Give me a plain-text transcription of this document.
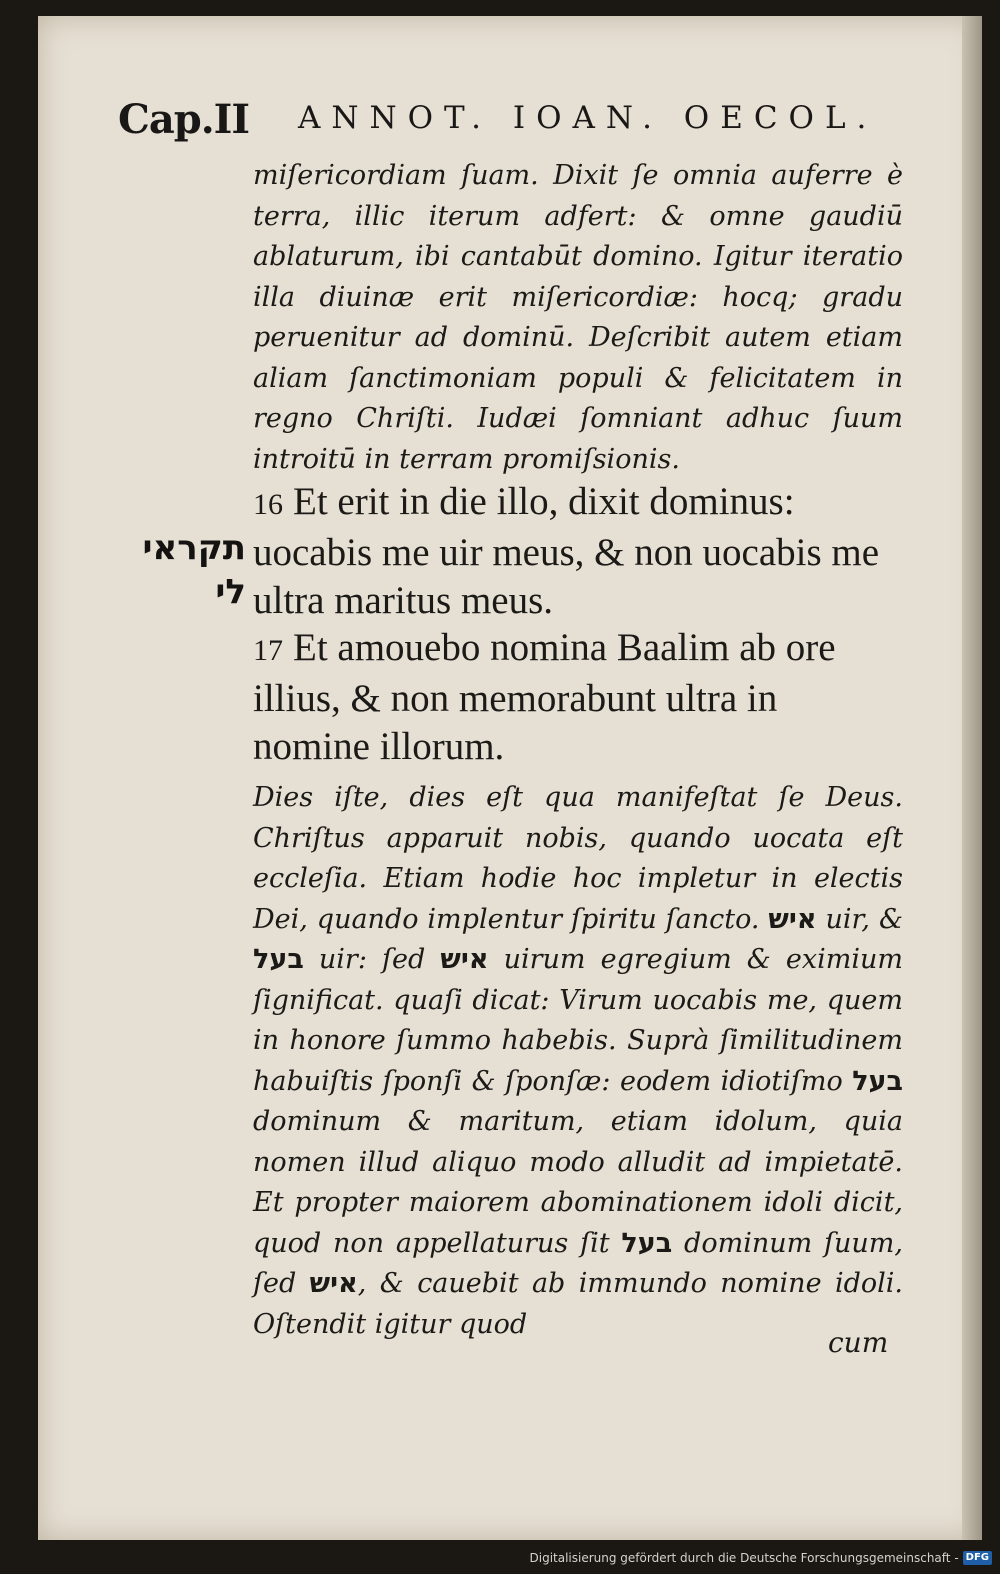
Cap.II ANNOT. IOAN. OECOL.
miſericordiam ſuam. Dixit ſe omnia auferre è terra, illic iterum adfert: & omne gaudiū ablaturum, ibi cantabūt domino. Igitur iteratio illa diuinæ erit miſericordiæ: hocq; gradu peruenitur ad dominū. Deſcribit autem etiam aliam ſanctimoniam populi & felicitatem in regno Chriſti. Iudæi ſomniant adhuc ſuum introitū in terram promiſsionis.
16 Et erit in die illo, dixit dominus: uocabis me uir meus, & non uocabis me ultra maritus meus.
תקראי
לי
17 Et amouebo nomina Baalim ab ore illius, & non memorabunt ultra in nomine illorum.
Dies iſte, dies eſt qua manifeſtat ſe Deus. Chriſtus apparuit nobis, quando uocata eſt eccleſia. Etiam hodie hoc impletur in electis Dei, quando implentur ſpiritu ſancto. איש uir, & בעל uir: ſed איש uirum egregium & eximium ſignificat. quaſi dicat: Virum uocabis me, quem in honore ſummo habebis. Suprà ſimilitudinem habuiſtis ſponſi & ſponſæ: eodem idiotiſmo בעל dominum & maritum, etiam idolum, quia nomen illud aliquo modo alludit ad impietatē. Et propter maiorem abominationem idoli dicit, quod non appellaturus ſit בעל dominum ſuum, ſed איש, & cauebit ab immundo nomine idoli. Oſtendit igitur quod
cum
Digitalisierung gefördert durch die Deutsche Forschungsgemeinschaft - DFG
